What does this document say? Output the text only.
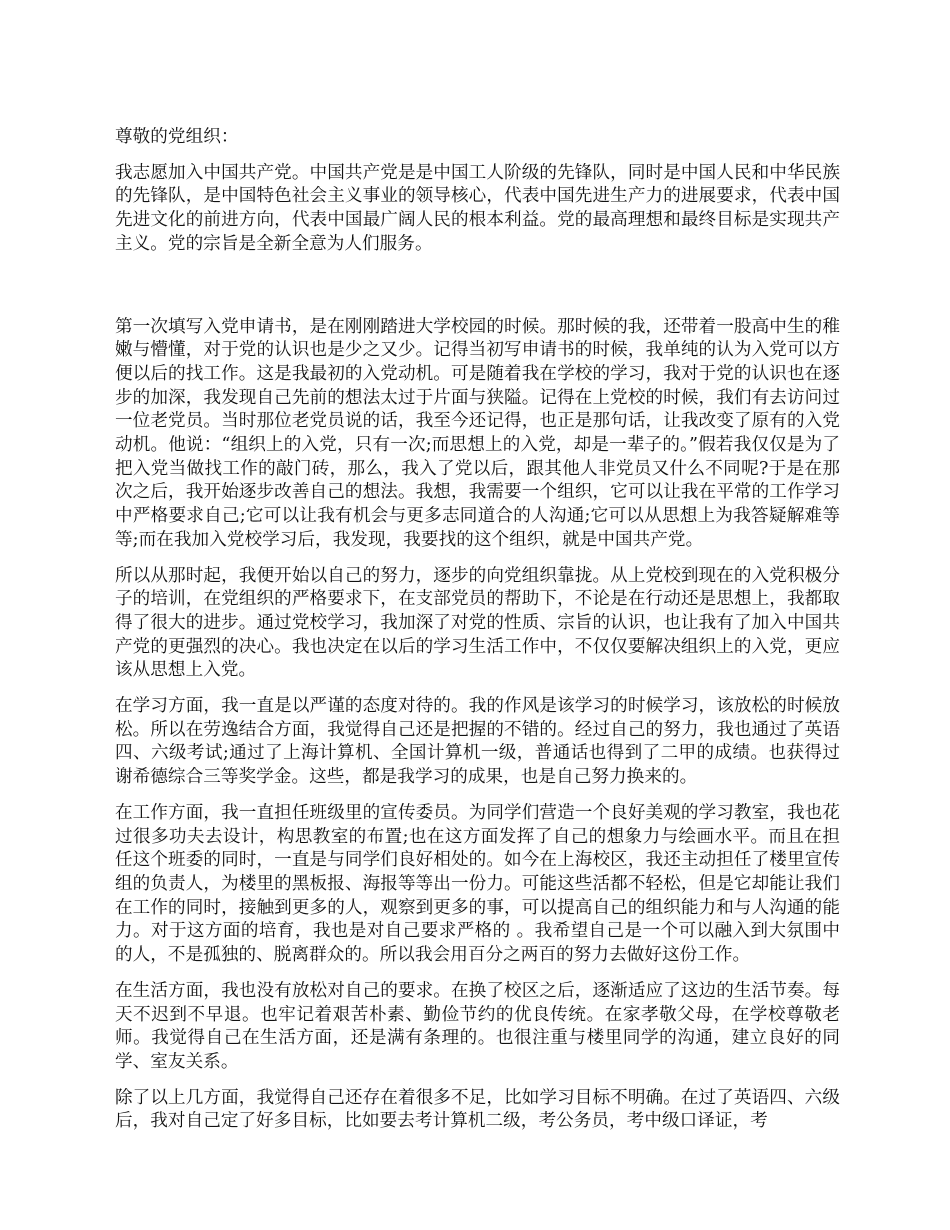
尊敬的党组织：

我志愿加入中国共产党。中国共产党是是中国工人阶级的先锋队，同时是中国人民和中华民族的先锋队，是中国特色社会主义事业的领导核心，代表中国先进生产力的进展要求，代表中国先进文化的前进方向，代表中国最广阔人民的根本利益。党的最高理想和最终目标是实现共产主义。党的宗旨是全新全意为人们服务。

第一次填写入党申请书，是在刚刚踏进大学校园的时候。那时候的我，还带着一股高中生的稚嫩与懵懂，对于党的认识也是少之又少。记得当初写申请书的时候，我单纯的认为入党可以方便以后的找工作。这是我最初的入党动机。可是随着我在学校的学习，我对于党的认识也在逐步的加深，我发现自己先前的想法太过于片面与狭隘。记得在上党校的时候，我们有去访问过一位老党员。当时那位老党员说的话，我至今还记得，也正是那句话，让我改变了原有的入党动机。他说：“组织上的入党，只有一次;而思想上的入党，却是一辈子的。”假若我仅仅是为了把入党当做找工作的敲门砖，那么，我入了党以后，跟其他人非党员又什么不同呢?于是在那次之后，我开始逐步改善自己的想法。我想，我需要一个组织，它可以让我在平常的工作学习中严格要求自己;它可以让我有机会与更多志同道合的人沟通;它可以从思想上为我答疑解难等等;而在我加入党校学习后，我发现，我要找的这个组织，就是中国共产党。

所以从那时起，我便开始以自己的努力，逐步的向党组织靠拢。从上党校到现在的入党积极分子的培训，在党组织的严格要求下，在支部党员的帮助下，不论是在行动还是思想上，我都取得了很大的进步。通过党校学习，我加深了对党的性质、宗旨的认识，也让我有了加入中国共产党的更强烈的决心。我也决定在以后的学习生活工作中，不仅仅要解决组织上的入党，更应该从思想上入党。

在学习方面，我一直是以严谨的态度对待的。我的作风是该学习的时候学习，该放松的时候放松。所以在劳逸结合方面，我觉得自己还是把握的不错的。经过自己的努力，我也通过了英语四、六级考试;通过了上海计算机、全国计算机一级，普通话也得到了二甲的成绩。也获得过谢希德综合三等奖学金。这些，都是我学习的成果，也是自己努力换来的。

在工作方面，我一直担任班级里的宣传委员。为同学们营造一个良好美观的学习教室，我也花过很多功夫去设计，构思教室的布置;也在这方面发挥了自己的想象力与绘画水平。而且在担任这个班委的同时，一直是与同学们良好相处的。如今在上海校区，我还主动担任了楼里宣传组的负责人，为楼里的黑板报、海报等等出一份力。可能这些活都不轻松，但是它却能让我们在工作的同时，接触到更多的人，观察到更多的事，可以提高自己的组织能力和与人沟通的能力。对于这方面的培育，我也是对自己要求严格的 。我希望自己是一个可以融入到大氛围中的人，不是孤独的、脱离群众的。所以我会用百分之两百的努力去做好这份工作。

在生活方面，我也没有放松对自己的要求。在换了校区之后，逐渐适应了这边的生活节奏。每天不迟到不早退。也牢记着艰苦朴素、勤俭节约的优良传统。在家孝敬父母，在学校尊敬老师。我觉得自己在生活方面，还是满有条理的。也很注重与楼里同学的沟通，建立良好的同学、室友关系。

除了以上几方面，我觉得自己还存在着很多不足，比如学习目标不明确。在过了英语四、六级后，我对自己定了好多目标，比如要去考计算机二级，考公务员，考中级口译证，考
